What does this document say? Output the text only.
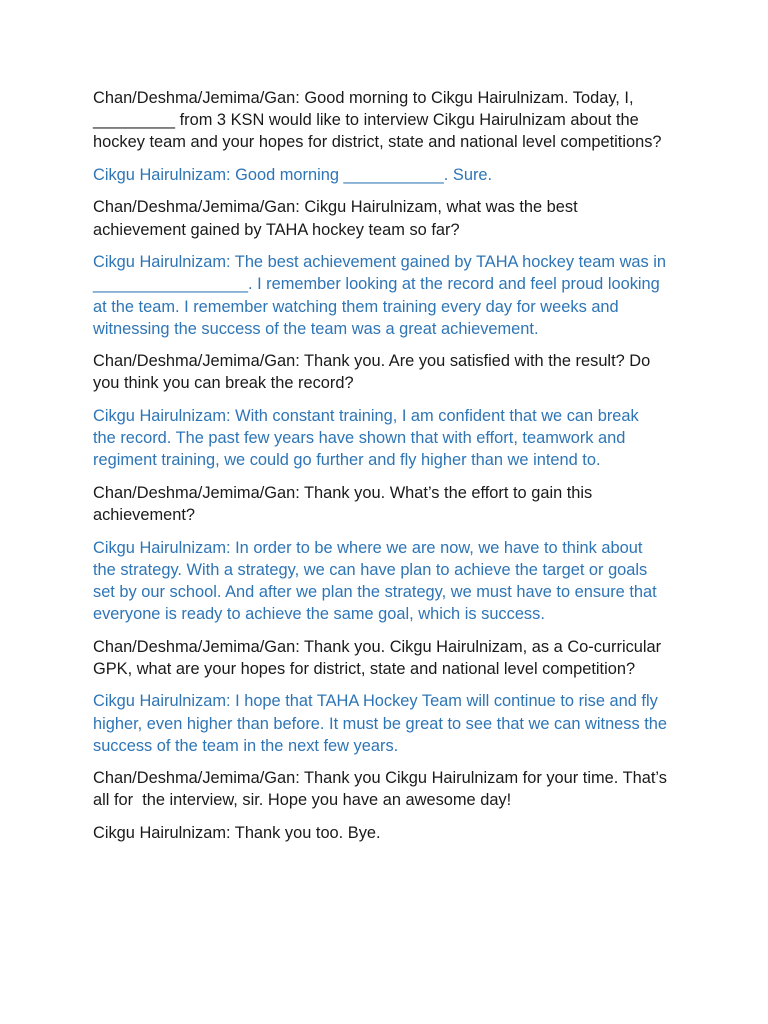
Chan/Deshma/Jemima/Gan: Good morning to Cikgu Hairulnizam. Today, I,
_________ from 3 KSN would like to interview Cikgu Hairulnizam about the
hockey team and your hopes for district, state and national level competitions?
Cikgu Hairulnizam: Good morning ___________. Sure.
Chan/Deshma/Jemima/Gan: Cikgu Hairulnizam, what was the best
achievement gained by TAHA hockey team so far?
Cikgu Hairulnizam: The best achievement gained by TAHA hockey team was in
_________________. I remember looking at the record and feel proud looking
at the team. I remember watching them training every day for weeks and
witnessing the success of the team was a great achievement.
Chan/Deshma/Jemima/Gan: Thank you. Are you satisfied with the result? Do
you think you can break the record?
Cikgu Hairulnizam: With constant training, I am confident that we can break
the record. The past few years have shown that with effort, teamwork and
regiment training, we could go further and fly higher than we intend to.
Chan/Deshma/Jemima/Gan: Thank you. What’s the effort to gain this
achievement?
Cikgu Hairulnizam: In order to be where we are now, we have to think about
the strategy. With a strategy, we can have plan to achieve the target or goals
set by our school. And after we plan the strategy, we must have to ensure that
everyone is ready to achieve the same goal, which is success.
Chan/Deshma/Jemima/Gan: Thank you. Cikgu Hairulnizam, as a Co-curricular
GPK, what are your hopes for district, state and national level competition?
Cikgu Hairulnizam: I hope that TAHA Hockey Team will continue to rise and fly
higher, even higher than before. It must be great to see that we can witness the
success of the team in the next few years.
Chan/Deshma/Jemima/Gan: Thank you Cikgu Hairulnizam for your time. That’s
all for  the interview, sir. Hope you have an awesome day!
Cikgu Hairulnizam: Thank you too. Bye.
